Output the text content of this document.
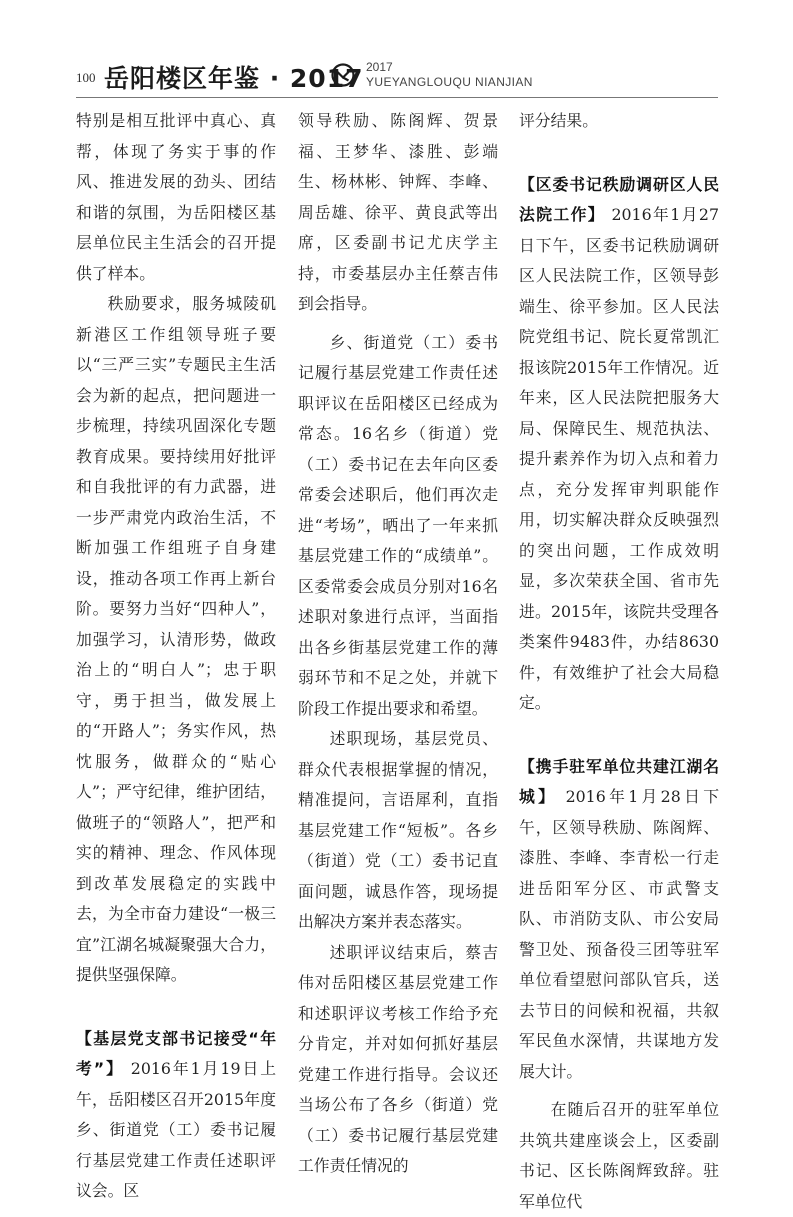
100 岳阳楼区年鉴 · 2017 2017
YUEYANGLOUQU NIANJIAN

特别是相互批评中真心、真帮，体现了务实于事的作风、推进发展的劲头、团结和谐的氛围，为岳阳楼区基层单位民主生活会的召开提供了样本。

秩励要求，服务城陵矶新港区工作组领导班子要以“三严三实”专题民主生活会为新的起点，把问题进一步梳理，持续巩固深化专题教育成果。要持续用好批评和自我批评的有力武器，进一步严肃党内政治生活，不断加强工作组班子自身建设，推动各项工作再上新台阶。要努力当好“四种人”，加强学习，认清形势，做政治上的“明白人”；忠于职守，勇于担当，做发展上的“开路人”；务实作风，热忱服务，做群众的“贴心人”；严守纪律，维护团结，做班子的“领路人”，把严和实的精神、理念、作风体现到改革发展稳定的实践中去，为全市奋力建设“一极三宜”江湖名城凝聚强大合力，提供坚强保障。

【基层党支部书记接受“年考”】 2016年1月19日上午，岳阳楼区召开2015年度乡、街道党（工）委书记履行基层党建工作责任述职评议会。区

领导秩励、陈阁辉、贺景福、王梦华、漆胜、彭端生、杨林彬、钟辉、李峰、周岳雄、徐平、黄良武等出席，区委副书记尤庆学主持，市委基层办主任蔡吉伟到会指导。

乡、街道党（工）委书记履行基层党建工作责任述职评议在岳阳楼区已经成为常态。16名乡（街道）党（工）委书记在去年向区委常委会述职后，他们再次走进“考场”，晒出了一年来抓基层党建工作的“成绩单”。区委常委会成员分别对16名述职对象进行点评，当面指出各乡街基层党建工作的薄弱环节和不足之处，并就下阶段工作提出要求和希望。

述职现场，基层党员、群众代表根据掌握的情况，精准提问，言语犀利，直指基层党建工作“短板”。各乡（街道）党（工）委书记直面问题，诚恳作答，现场提出解决方案并表态落实。

述职评议结束后，蔡吉伟对岳阳楼区基层党建工作和述职评议考核工作给予充分肯定，并对如何抓好基层党建工作进行指导。会议还当场公布了各乡（街道）党（工）委书记履行基层党建工作责任情况的

评分结果。

【区委书记秩励调研区人民法院工作】 2016年1月27日下午，区委书记秩励调研区人民法院工作，区领导彭端生、徐平参加。区人民法院党组书记、院长夏常凯汇报该院2015年工作情况。近年来，区人民法院把服务大局、保障民生、规范执法、提升素养作为切入点和着力点，充分发挥审判职能作用，切实解决群众反映强烈的突出问题，工作成效明显，多次荣获全国、省市先进。2015年，该院共受理各类案件9483件，办结8630件，有效维护了社会大局稳定。

【携手驻军单位共建江湖名城】 2016年1月28日下午，区领导秩励、陈阁辉、漆胜、李峰、李青松一行走进岳阳军分区、市武警支队、市消防支队、市公安局警卫处、预备役三团等驻军单位看望慰问部队官兵，送去节日的问候和祝福，共叙军民鱼水深情，共谋地方发展大计。

在随后召开的驻军单位共筑共建座谈会上，区委副书记、区长陈阁辉致辞。驻军单位代
